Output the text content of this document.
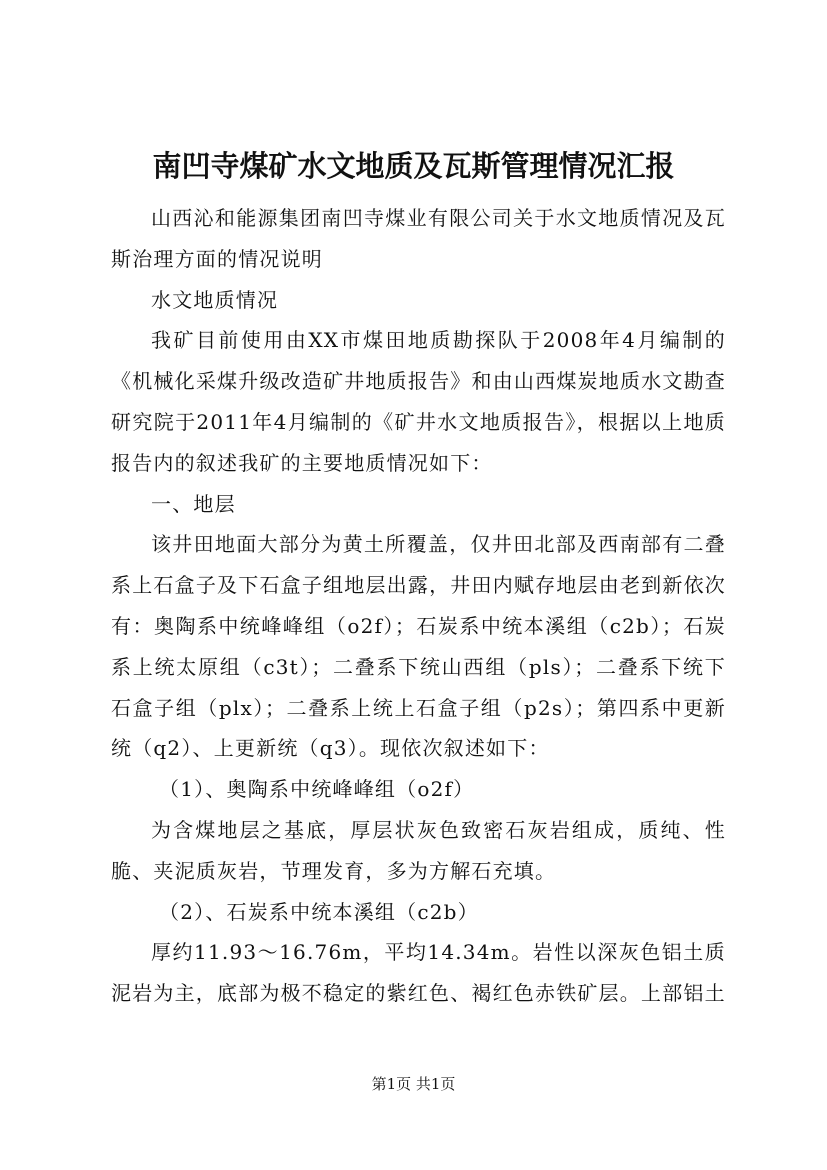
南凹寺煤矿水文地质及瓦斯管理情况汇报

山西沁和能源集团南凹寺煤业有限公司关于水文地质情况及瓦斯治理方面的情况说明

水文地质情况

我矿目前使用由XX市煤田地质勘探队于2008年4月编制的《机械化采煤升级改造矿井地质报告》和由山西煤炭地质水文勘查研究院于2011年4月编制的《矿井水文地质报告》，根据以上地质报告内的叙述我矿的主要地质情况如下：

一、地层

该井田地面大部分为黄土所覆盖，仅井田北部及西南部有二叠系上石盒子及下石盒子组地层出露，井田内赋存地层由老到新依次有：奥陶系中统峰峰组（o2f）；石炭系中统本溪组（c2b）；石炭系上统太原组（c3t）；二叠系下统山西组（pls）；二叠系下统下石盒子组（plx）；二叠系上统上石盒子组（p2s）；第四系中更新统（q2）、上更新统（q3）。现依次叙述如下：

（1）、奥陶系中统峰峰组（o2f）

为含煤地层之基底，厚层状灰色致密石灰岩组成，质纯、性脆、夹泥质灰岩，节理发育，多为方解石充填。

（2）、石炭系中统本溪组（c2b）

厚约11.93～16.76m，平均14.34m。岩性以深灰色铝土质泥岩为主，底部为极不稳定的紫红色、褐红色赤铁矿层。上部铝土

第1页 共1页
